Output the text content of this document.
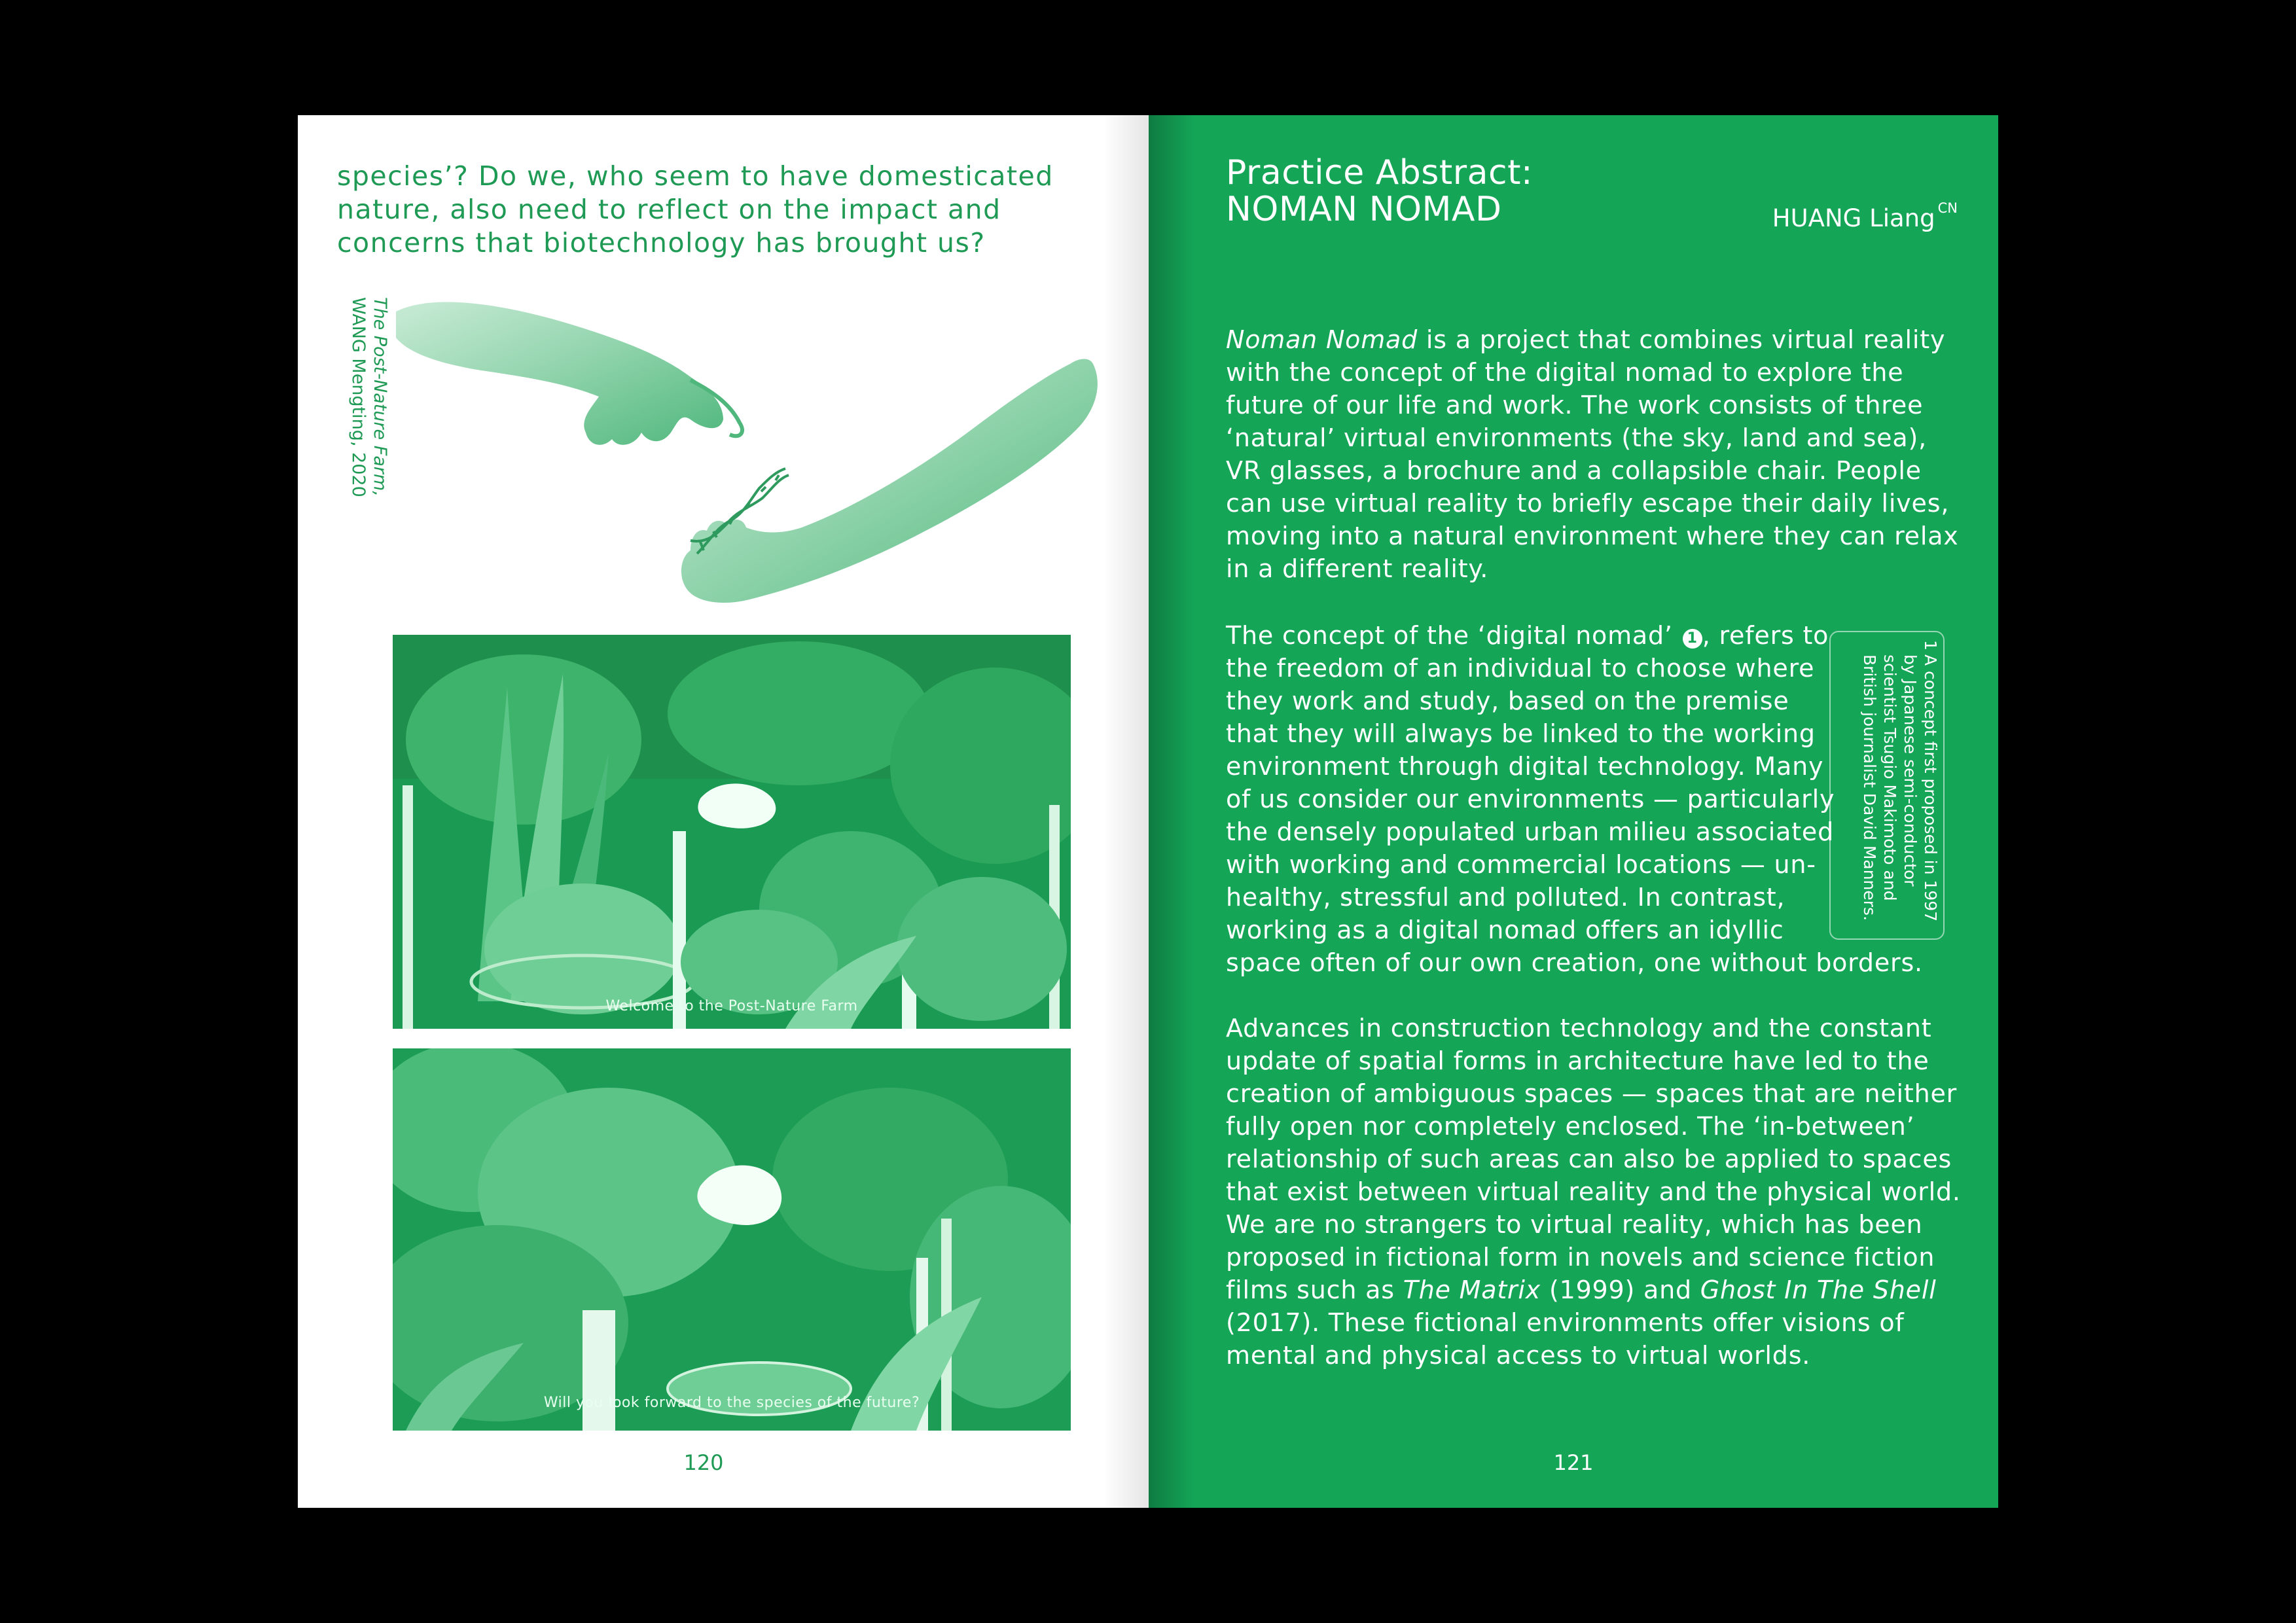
species’? Do we, who seem to have domesticated nature, also need to reflect on the impact and concerns that biotechnology has brought us?

The Post-Nature Farm,
WANG Mengting, 2020
Welcome to the Post-Nature Farm
Will you look forward to the species of the future?
120
Practice Abstract:
NOMAN NOMAD	HUANG Liang $^{CN}$

Noman Nomad is a project that combines virtual reality with the concept of the digital nomad to explore the future of our life and work. The work consists of three ‘natural’ virtual environments (the sky, land and sea), VR glasses, a brochure and a collapsible chair. People can use virtual reality to briefly escape their daily lives, moving into a natural environment where they can relax in a different reality.

The concept of the ‘digital nomad’ 1 , refers to
the freedom of an individual to choose where
they work and study, based on the premise
that they will always be linked to the working
environment through digital technology. Many
of us consider our environments — particularly
the densely populated urban milieu associated
with working and commercial locations — un-
healthy, stressful and polluted. In contrast,
working as a digital nomad offers an idyllic
space often of our own creation, one without borders.

1
A concept first proposed in 1997 by Japanese semi-conductor scientist Tsugio Makimoto and British journalist David Manners.

Advances in construction technology and the constant update of spatial forms in architecture have led to the creation of ambiguous spaces — spaces that are neither fully open nor completely enclosed. The ‘in-between’ relationship of such areas can also be applied to spaces that exist between virtual reality and the physical world. We are no strangers to virtual reality, which has been proposed in fictional form in novels and science fiction films such as The Matrix (1999) and Ghost In The Shell (2017). These fictional environments offer visions of mental and physical access to virtual worlds.

121
